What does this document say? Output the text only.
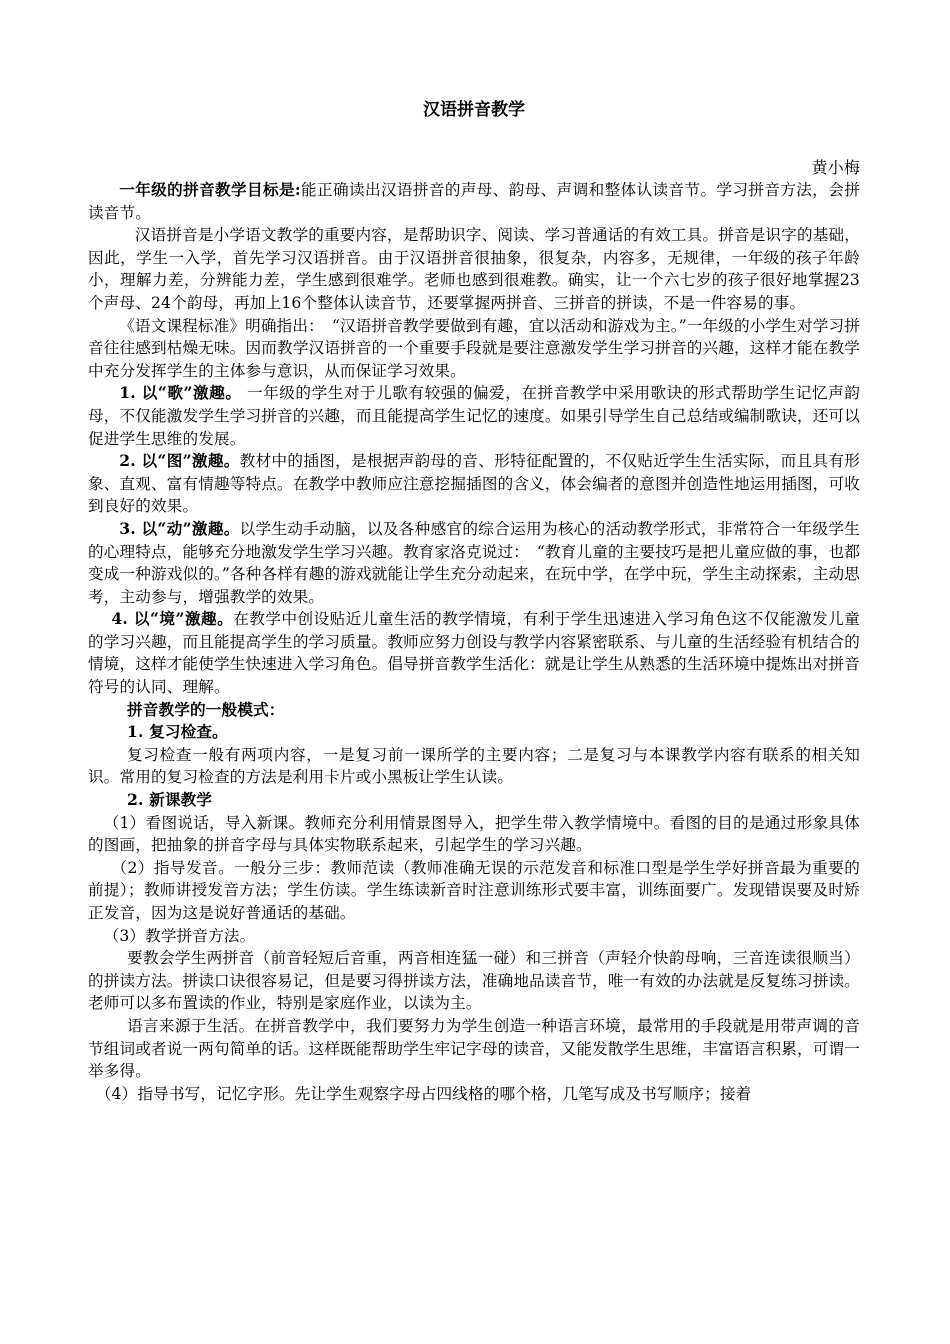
汉语拼音教学

黄小梅

一年级的拼音教学目标是:能正确读出汉语拼音的声母、韵母、声调和整体认读音节。学习拼音方法，会拼读音节。

汉语拼音是小学语文教学的重要内容，是帮助识字、阅读、学习普通话的有效工具。拼音是识字的基础，因此，学生一入学，首先学习汉语拼音。由于汉语拼音很抽象，很复杂，内容多，无规律，一年级的孩子年龄小，理解力差，分辨能力差，学生感到很难学。老师也感到很难教。确实，让一个六七岁的孩子很好地掌握23个声母、24个韵母，再加上16个整体认读音节，还要掌握两拼音、三拼音的拼读，不是一件容易的事。

《语文课程标准》明确指出：　“汉语拼音教学要做到有趣，宜以活动和游戏为主。”一年级的小学生对学习拼音往往感到枯燥无味。因而教学汉语拼音的一个重要手段就是要注意激发学生学习拼音的兴趣，这样才能在教学中充分发挥学生的主体参与意识，从而保证学习效果。

1. 以“歌”激趣。 一年级的学生对于儿歌有较强的偏爱，在拼音教学中采用歌诀的形式帮助学生记忆声韵母，不仅能激发学生学习拼音的兴趣，而且能提高学生记忆的速度。如果引导学生自己总结或编制歌诀，还可以促进学生思维的发展。

2. 以“图”激趣。教材中的插图，是根据声韵母的音、形特征配置的，不仅贴近学生生活实际，而且具有形象、直观、富有情趣等特点。在教学中教师应注意挖掘插图的含义，体会编者的意图并创造性地运用插图，可收到良好的效果。

3. 以“动”激趣。以学生动手动脑，以及各种感官的综合运用为核心的活动教学形式，非常符合一年级学生的心理特点，能够充分地激发学生学习兴趣。教育家洛克说过：　“教育儿童的主要技巧是把儿童应做的事，也都变成一种游戏似的。”各种各样有趣的游戏就能让学生充分动起来，在玩中学，在学中玩，学生主动探索，主动思考，主动参与，增强教学的效果。

4. 以“境”激趣。在教学中创设贴近儿童生活的教学情境，有利于学生迅速进入学习角色这不仅能激发儿童的学习兴趣，而且能提高学生的学习质量。教师应努力创设与教学内容紧密联系、与儿童的生活经验有机结合的情境，这样才能使学生快速进入学习角色。倡导拼音教学生活化：就是让学生从熟悉的生活环境中提炼出对拼音符号的认同、理解。

拼音教学的一般模式：

1. 复习检查。

复习检查一般有两项内容，一是复习前一课所学的主要内容；二是复习与本课教学内容有联系的相关知识。常用的复习检查的方法是利用卡片或小黑板让学生认读。

2. 新课教学

（1）看图说话，导入新课。教师充分利用情景图导入，把学生带入教学情境中。看图的目的是通过形象具体的图画，把抽象的拼音字母与具体实物联系起来，引起学生的学习兴趣。

（2）指导发音。一般分三步：教师范读（教师准确无误的示范发音和标准口型是学生学好拼音最为重要的前提）；教师讲授发音方法；学生仿读。学生练读新音时注意训练形式要丰富，训练面要广。发现错误要及时矫正发音，因为这是说好普通话的基础。

（3）教学拼音方法。

要教会学生两拼音（前音轻短后音重，两音相连猛一碰）和三拼音（声轻介快韵母响，三音连读很顺当）的拼读方法。拼读口诀很容易记，但是要习得拼读方法，准确地品读音节，唯一有效的办法就是反复练习拼读。老师可以多布置读的作业，特别是家庭作业，以读为主。

语言来源于生活。在拼音教学中，我们要努力为学生创造一种语言环境，最常用的手段就是用带声调的音节组词或者说一两句简单的话。这样既能帮助学生牢记字母的读音，又能发散学生思维，丰富语言积累，可谓一举多得。

（4）指导书写，记忆字形。先让学生观察字母占四线格的哪个格，几笔写成及书写顺序；接着
